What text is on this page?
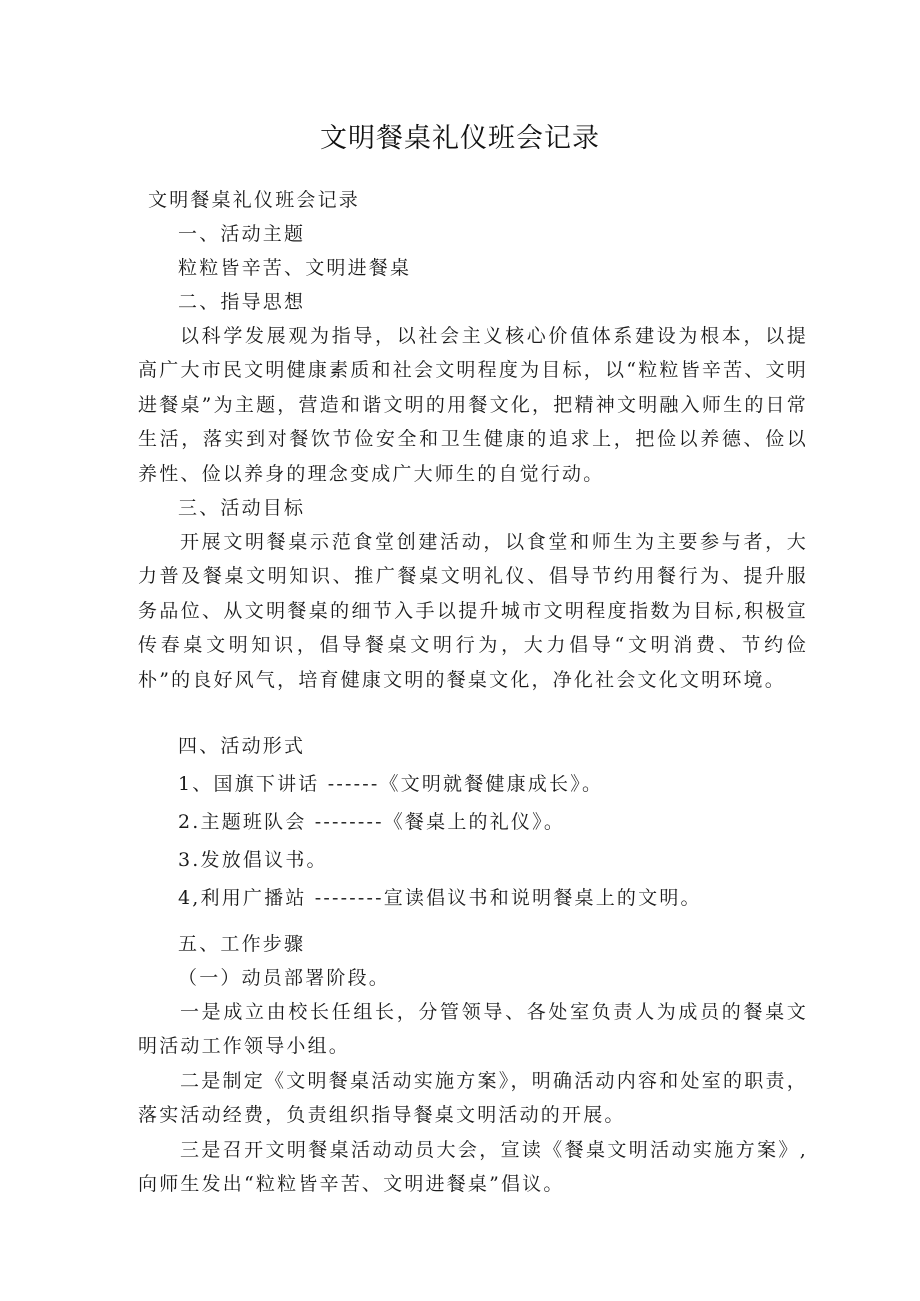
文明餐桌礼仪班会记录
文明餐桌礼仪班会记录
一、活动主题
粒粒皆辛苦、文明进餐桌
二、指导思想
以科学发展观为指导，以社会主义核心价值体系建设为根本，以提高广大市民文明健康素质和社会文明程度为目标，以“粒粒皆辛苦、文明进餐桌”为主题，营造和谐文明的用餐文化，把精神文明融入师生的日常生活，落实到对餐饮节俭安全和卫生健康的追求上，把俭以养德、俭以养性、俭以养身的理念变成广大师生的自觉行动。
三、活动目标
开展文明餐桌示范食堂创建活动，以食堂和师生为主要参与者，大力普及餐桌文明知识、推广餐桌文明礼仪、倡导节约用餐行为、提升服务品位、从文明餐桌的细节入手以提升城市文明程度指数为目标,积极宣传春桌文明知识，倡导餐桌文明行为，大力倡导“文明消费、节约俭朴”的良好风气，培育健康文明的餐桌文化，净化社会文化文明环境。
四、活动形式
1、国旗下讲话 ------《文明就餐健康成长》。
2.主题班队会 --------《餐桌上的礼仪》。
3.发放倡议书。
4,利用广播站 --------宣读倡议书和说明餐桌上的文明。
五、工作步骤
（一）动员部署阶段。
一是成立由校长任组长，分管领导、各处室负责人为成员的餐桌文明活动工作领导小组。
二是制定《文明餐桌活动实施方案》，明确活动内容和处室的职责，落实活动经费，负责组织指导餐桌文明活动的开展。
三是召开文明餐桌活动动员大会，宣读《餐桌文明活动实施方案》,向师生发出“粒粒皆辛苦、文明进餐桌”倡议。
